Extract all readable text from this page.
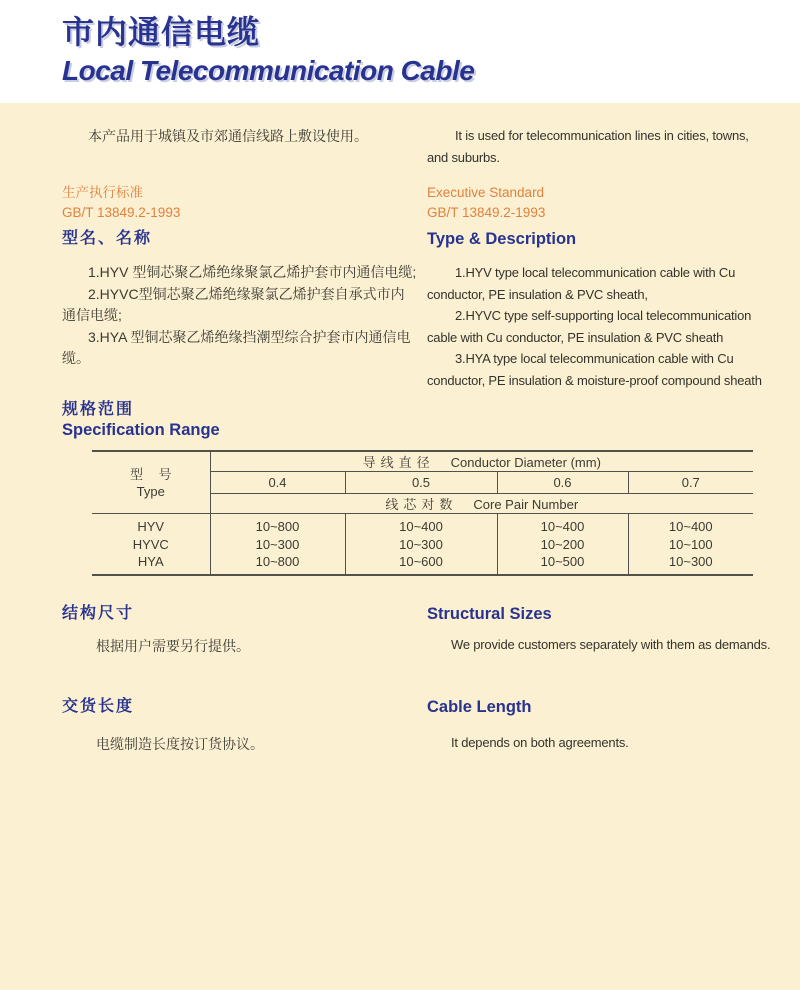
市内通信电缆
Local Telecommunication Cable

本产品用于城镇及市郊通信线路上敷设使用。	It is used for telecommunication lines in cities, towns, and suburbs.

生产执行标准
GB/T 13849.2-1993
Executive Standard
GB/T 13849.2-1993
型名、名称

1.HYV 型铜芯聚乙烯绝缘聚氯乙烯护套市内通信电缆;

2.HYVC型铜芯聚乙烯绝缘聚氯乙烯护套自承式市内通信电缆;

3.HYA 型铜芯聚乙烯绝缘挡潮型综合护套市内通信电缆。

Type & Description

1.HYV type local telecommunication cable with Cu conductor, PE insulation & PVC sheath,

2.HYVC type self-supporting local telecommunication cable with Cu conductor, PE insulation & PVC sheath

3.HYA type local telecommunication cable with Cu conductor, PE insulation & moisture-proof compound sheath

规格范围
Specification Range
型 号
Type	导线直径 Conductor Diameter (mm)			

	0.4	0.5	0.6	0.7

	线芯对数 Core Pair Number			

HYV	10~800	10~400	10~400	10~400
HYVC	10~300	10~300	10~200	10~100
HYA	10~800	10~600	10~500	10~300
结构尺寸

根据用户需要另行提供。

Structural Sizes

We provide customers separately with them as demands.

交货长度

电缆制造长度按订货协议。

Cable Length

It depends on both agreements.
